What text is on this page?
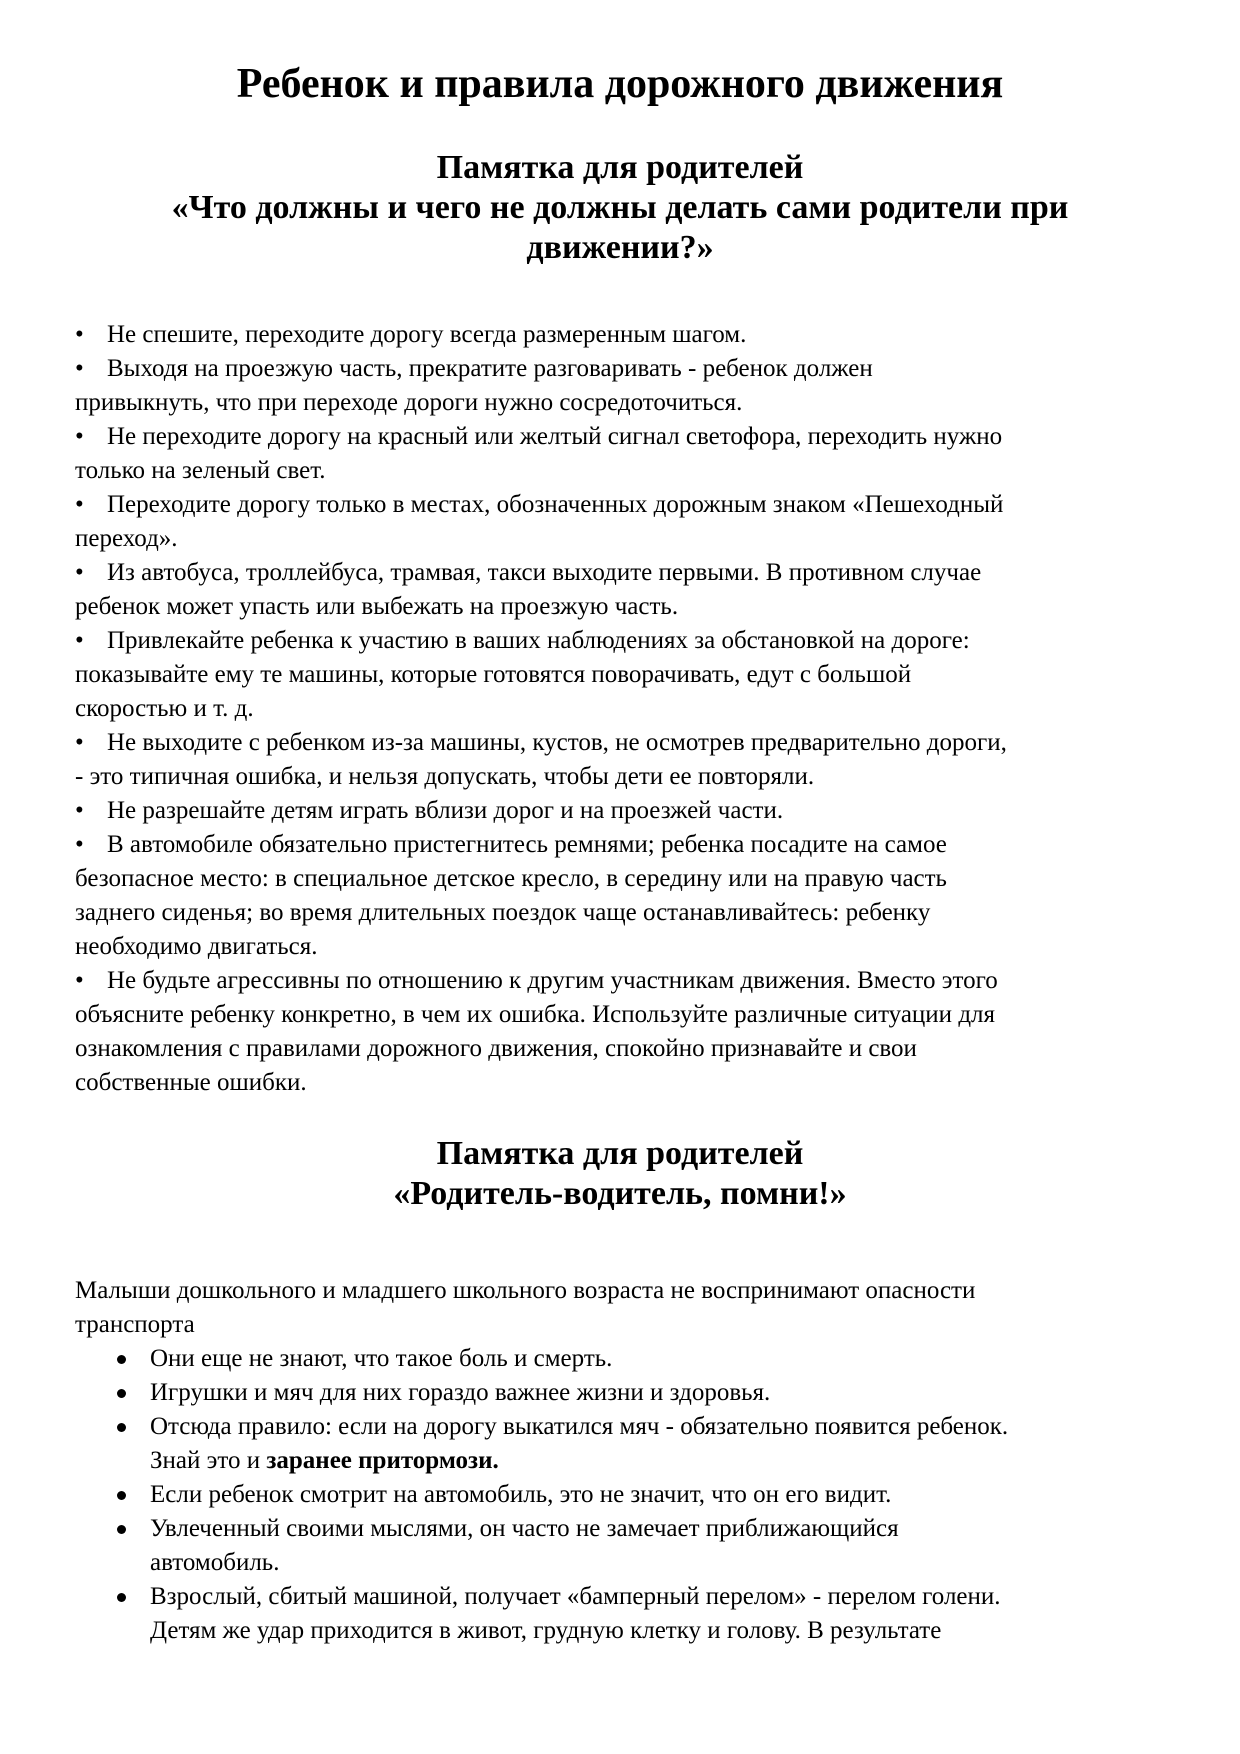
Ребенок и правила дорожного движения
Памятка для родителей
«Что должны и чего не должны делать сами родители при
движении?»
• Не спешите, переходите дорогу всегда размеренным шагом.
• Выходя на проезжую часть, прекратите разговаривать - ребенок должен
привыкнуть, что при переходе дороги нужно сосредоточиться.
• Не переходите дорогу на красный или желтый сигнал светофора, переходить нужно
только на зеленый свет.
• Переходите дорогу только в местах, обозначенных дорожным знаком «Пешеходный
переход».
• Из автобуса, троллейбуса, трамвая, такси выходите первыми. В противном случае
ребенок может упасть или выбежать на проезжую часть.
• Привлекайте ребенка к участию в ваших наблюдениях за обстановкой на дороге:
показывайте ему те машины, которые готовятся поворачивать, едут с большой
скоростью и т. д.
• Не выходите с ребенком из-за машины, кустов, не осмотрев предварительно дороги,
- это типичная ошибка, и нельзя допускать, чтобы дети ее повторяли.
• Не разрешайте детям играть вблизи дорог и на проезжей части.
• В автомобиле обязательно пристегнитесь ремнями; ребенка посадите на самое
безопасное место: в специальное детское кресло, в середину или на правую часть
заднего сиденья; во время длительных поездок чаще останавливайтесь: ребенку
необходимо двигаться.
• Не будьте агрессивны по отношению к другим участникам движения. Вместо этого
объясните ребенку конкретно, в чем их ошибка. Используйте различные ситуации для
ознакомления с правилами дорожного движения, спокойно признавайте и свои
собственные ошибки.
Памятка для родителей
«Родитель-водитель, помни!»

Малыши дошкольного и младшего школьного возраста не воспринимают опасности
транспорта

Они еще не знают, что такое боль и смерть.
Игрушки и мяч для них гораздо важнее жизни и здоровья.
Отсюда правило: если на дорогу выкатился мяч - обязательно появится ребенок.
Знай это и заранее притормози.
Если ребенок смотрит на автомобиль, это не значит, что он его видит.
Увлеченный своими мыслями, он часто не замечает приближающийся
автомобиль.
Взрослый, сбитый машиной, получает «бамперный перелом» - перелом голени.
Детям же удар приходится в живот, грудную клетку и голову. В результате
